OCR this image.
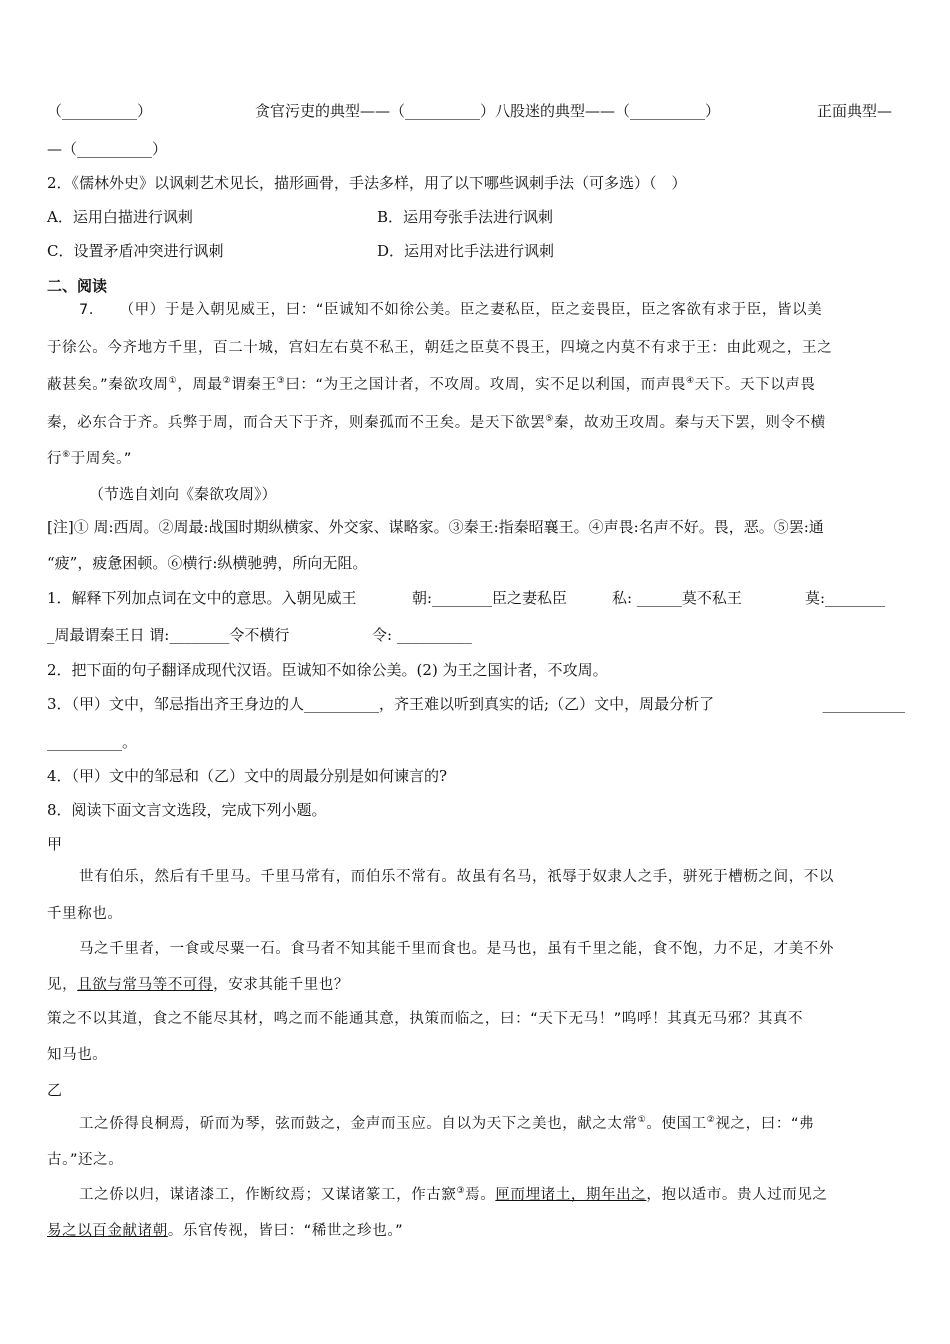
（__________）	贪官污吏的典型——（__________）八股迷的典型——（__________）	正面典型—
—（__________）
2．《儒林外史》以讽刺艺术见长，描形画骨，手法多样，用了以下哪些讽刺手法（可多选）（　）
A．运用白描进行讽刺	B．运用夸张手法进行讽刺
C．设置矛盾冲突进行讽刺	D．运用对比手法进行讽刺
二、阅读
7． （甲）于是入朝见威王，曰：“臣诚知不如徐公美。臣之妻私臣，臣之妾畏臣，臣之客欲有求于臣，皆以美
于徐公。今齐地方千里，百二十城，宫妇左右莫不私王，朝廷之臣莫不畏王，四境之内莫不有求于王：由此观之，王之
蔽甚矣。”秦欲攻周①，周最②谓秦王③曰：“为王之国计者，不攻周。攻周，实不足以利国，而声畏④天下。天下以声畏
秦，必东合于齐。兵弊于周，而合天下于齐，则秦孤而不王矣。是天下欲罢⑤秦，故劝王攻周。秦与天下罢，则令不横
行⑥于周矣。”
（节选自刘向《秦欲攻周》）
[注]① 周:西周。②周最:战国时期纵横家、外交家、谋略家。③秦王:指秦昭襄王。④声畏:名声不好。畏，恶。⑤罢:通
“疲”，疲惫困顿。⑥横行:纵横驰骋，所向无阻。
1．解释下列加点词在文中的意思。入朝见威王	朝:________臣之妻私臣	私: ______莫不私王	莫:________
_周最谓秦王日 谓:________令不横行	令: __________
2．把下面的句子翻译成现代汉语。臣诚知不如徐公美。(2) 为王之国计者，不攻周。
3．（甲）文中，邹忌指出齐王身边的人__________，齐王难以听到真实的话;（乙）文中，周最分析了	___________
__________。
4．（甲）文中的邹忌和（乙）文中的周最分别是如何谏言的?
8．阅读下面文言文选段，完成下列小题。
甲
世有伯乐，然后有千里马。千里马常有，而伯乐不常有。故虽有名马，祇辱于奴隶人之手，骈死于槽枥之间，不以
千里称也。
马之千里者，一食或尽粟一石。食马者不知其能千里而食也。是马也，虽有千里之能，食不饱，力不足，才美不外
见，且欲与常马等不可得，安求其能千里也？
策之不以其道，食之不能尽其材，鸣之而不能通其意，执策而临之，曰：“天下无马！”呜呼！其真无马邪？其真不
知马也。
乙
工之侨得良桐焉，斫而为琴，弦而鼓之，金声而玉应。自以为天下之美也，献之太常①。使国工②视之，曰：“弗
古。”还之。
工之侨以归，谋诸漆工，作断纹焉；又谋诸篆工，作古窾③焉。匣而埋诸土，期年出之，抱以适市。贵人过而见之
易之以百金献诸朝。乐官传视，皆曰：“稀世之珍也。”
